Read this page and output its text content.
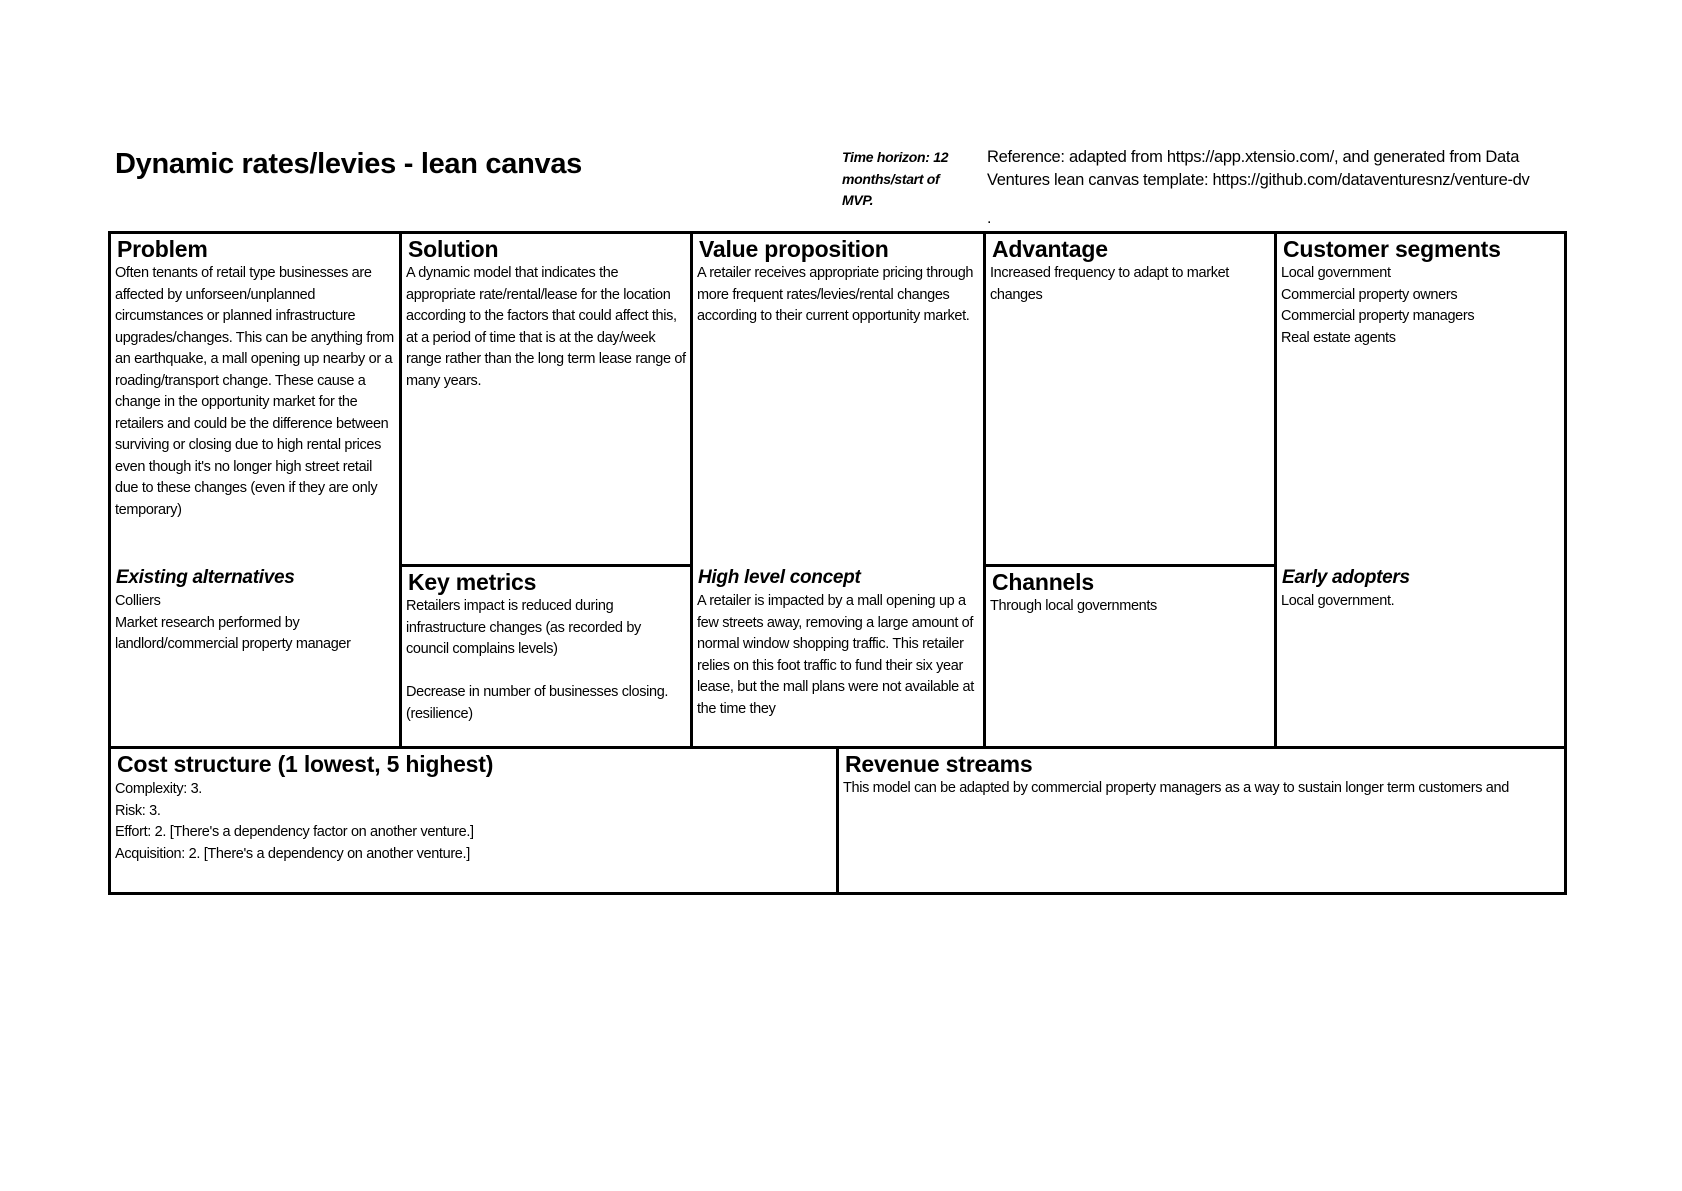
Dynamic rates/levies - lean canvas	Time horizon: 12 months/start of MVP.
Reference: adapted from https://app.xtensio.com/, and generated from Data Ventures lean canvas template: https://github.com/dataventuresnz/venture-dv
.
Problem
Often tenants of retail type businesses are affected by unforseen/unplanned circumstances or planned infrastructure upgrades/changes. This can be anything from an earthquake, a mall opening up nearby or a roading/transport change. These cause a change in the opportunity market for the retailers and could be the difference between surviving or closing due to high rental prices even though it's no longer high street retail due to these changes (even if they are only temporary)
Existing alternatives
Colliers
Market research performed by landlord/commercial property manager
Solution
A dynamic model that indicates the appropriate rate/rental/lease for the location according to the factors that could affect this, at a period of time that is at the day/week range rather than the long term lease range of many years.
Key metrics
Retailers impact is reduced during infrastructure changes (as recorded by council complains levels)

Decrease in number of businesses closing. (resilience)
Value proposition
A retailer receives appropriate pricing through more frequent rates/levies/rental changes according to their current opportunity market.
High level concept
A retailer is impacted by a mall opening up a few streets away, removing a large amount of normal window shopping traffic. This retailer relies on this foot traffic to fund their six year lease, but the mall plans were not available at the time they
Advantage
Increased frequency to adapt to market changes
Channels
Through local governments
Customer segments
Local government
Commercial property owners
Commercial property managers
Real estate agents
Early adopters
Local government.
Cost structure (1 lowest, 5 highest)
Complexity: 3.
Risk: 3.
Effort: 2. [There's a dependency factor on another venture.]
Acquisition: 2. [There's a dependency on another venture.]
Revenue streams
This model can be adapted by commercial property managers as a way to sustain longer term customers and
